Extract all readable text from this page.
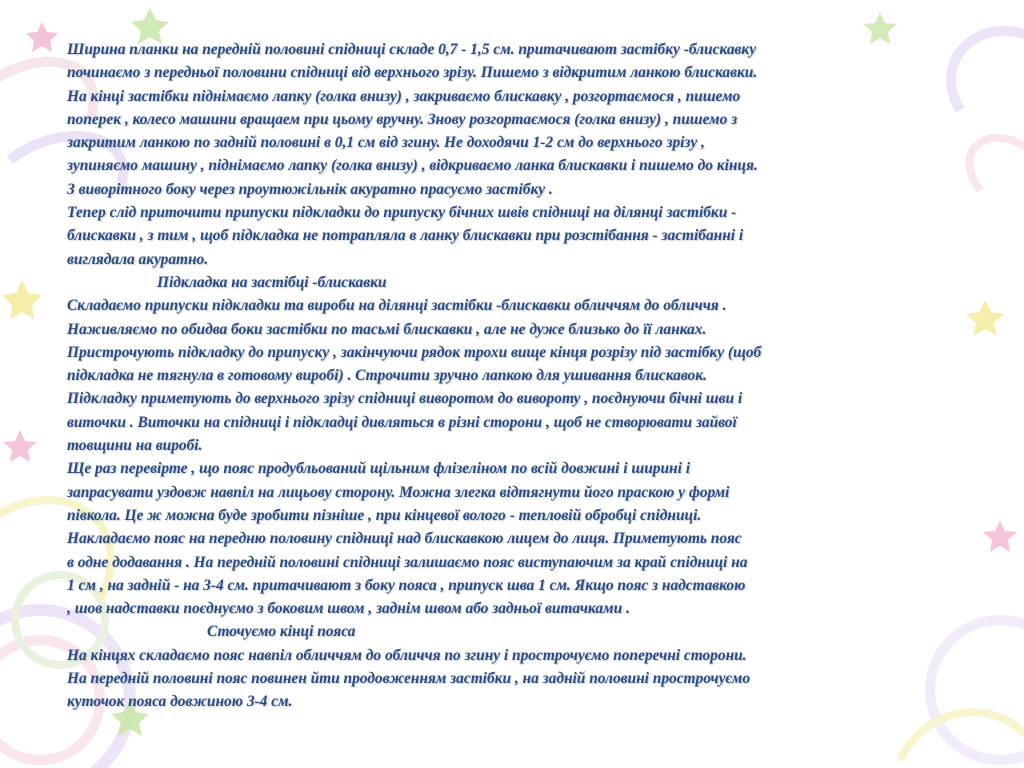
Ширина планки на передній половині спідниці складе 0,7 - 1,5 см. притачивают застібку -блискавку
починаємо з передньої половини спідниці від верхнього зрізу. Пишемо з відкритим ланкою блискавки.
На кінці застібки піднімаємо лапку (голка внизу) , закриваємо блискавку , розгортаємося , пишемо
поперек , колесо машини вращаем при цьому вручну. Знову розгортаємося (голка внизу) , пишемо з
закритим ланкою по задній половині в 0,1 см від згину. Не доходячи 1-2 см до верхнього зрізу ,
зупиняємо машину , піднімаємо лапку (голка внизу) , відкриваємо ланка блискавки і пишемо до кінця.
З виворітного боку через проутюжільнік акуратно прасуємо застібку .
Тепер слід приточити припуски підкладки до припуску бічних швів спідниці на ділянці застібки -
блискавки , з тим , щоб підкладка не потрапляла в ланку блискавки при розстібання - застібанні і
виглядала акуратно.
Підкладка на застібці -блискавки
Складаємо припуски підкладки та вироби на ділянці застібки -блискавки обличчям до обличчя .
Наживляємо по обидва боки застібки по тасьмі блискавки , але не дуже близько до її ланках.
Пристрочують підкладку до припуску , закінчуючи рядок трохи вище кінця розрізу під застібку (щоб
підкладка не тягнула в готовому виробі) . Строчити зручно лапкою для ушивання блискавок.
Підкладку приметують до верхнього зрізу спідниці виворотом до вивороту , поєднуючи бічні шви і
виточки . Виточки на спідниці і підкладці дивляться в різні сторони , щоб не створювати зайвої
товщини на виробі.
Ще раз перевірте , що пояс продубльований щільним флізеліном по всій довжині і ширині і
запрасувати уздовж навпіл на лицьову сторону. Можна злегка відтягнути його праскою у формі
півкола. Це ж можна буде зробити пізніше , при кінцевої волого - тепловій обробці спідниці.
Накладаємо пояс на передню половину спідниці над блискавкою лицем до лиця. Приметують пояс
в одне додавання . На передній половині спідниці залишаємо пояс виступаючим за край спідниці на
1 см , на задній - на 3-4 см. притачивают з боку пояса , припуск шва 1 см. Якщо пояс з надставкою
, шов надставки поєднуємо з боковим швом , заднім швом або задньої витачками .
Сточуємо кінці пояса
На кінцях складаємо пояс навпіл обличчям до обличчя по згину і прострочуємо поперечні сторони.
На передній половині пояс повинен йти продовженням застібки , на задній половині прострочуємо
куточок пояса довжиною 3-4 см.
